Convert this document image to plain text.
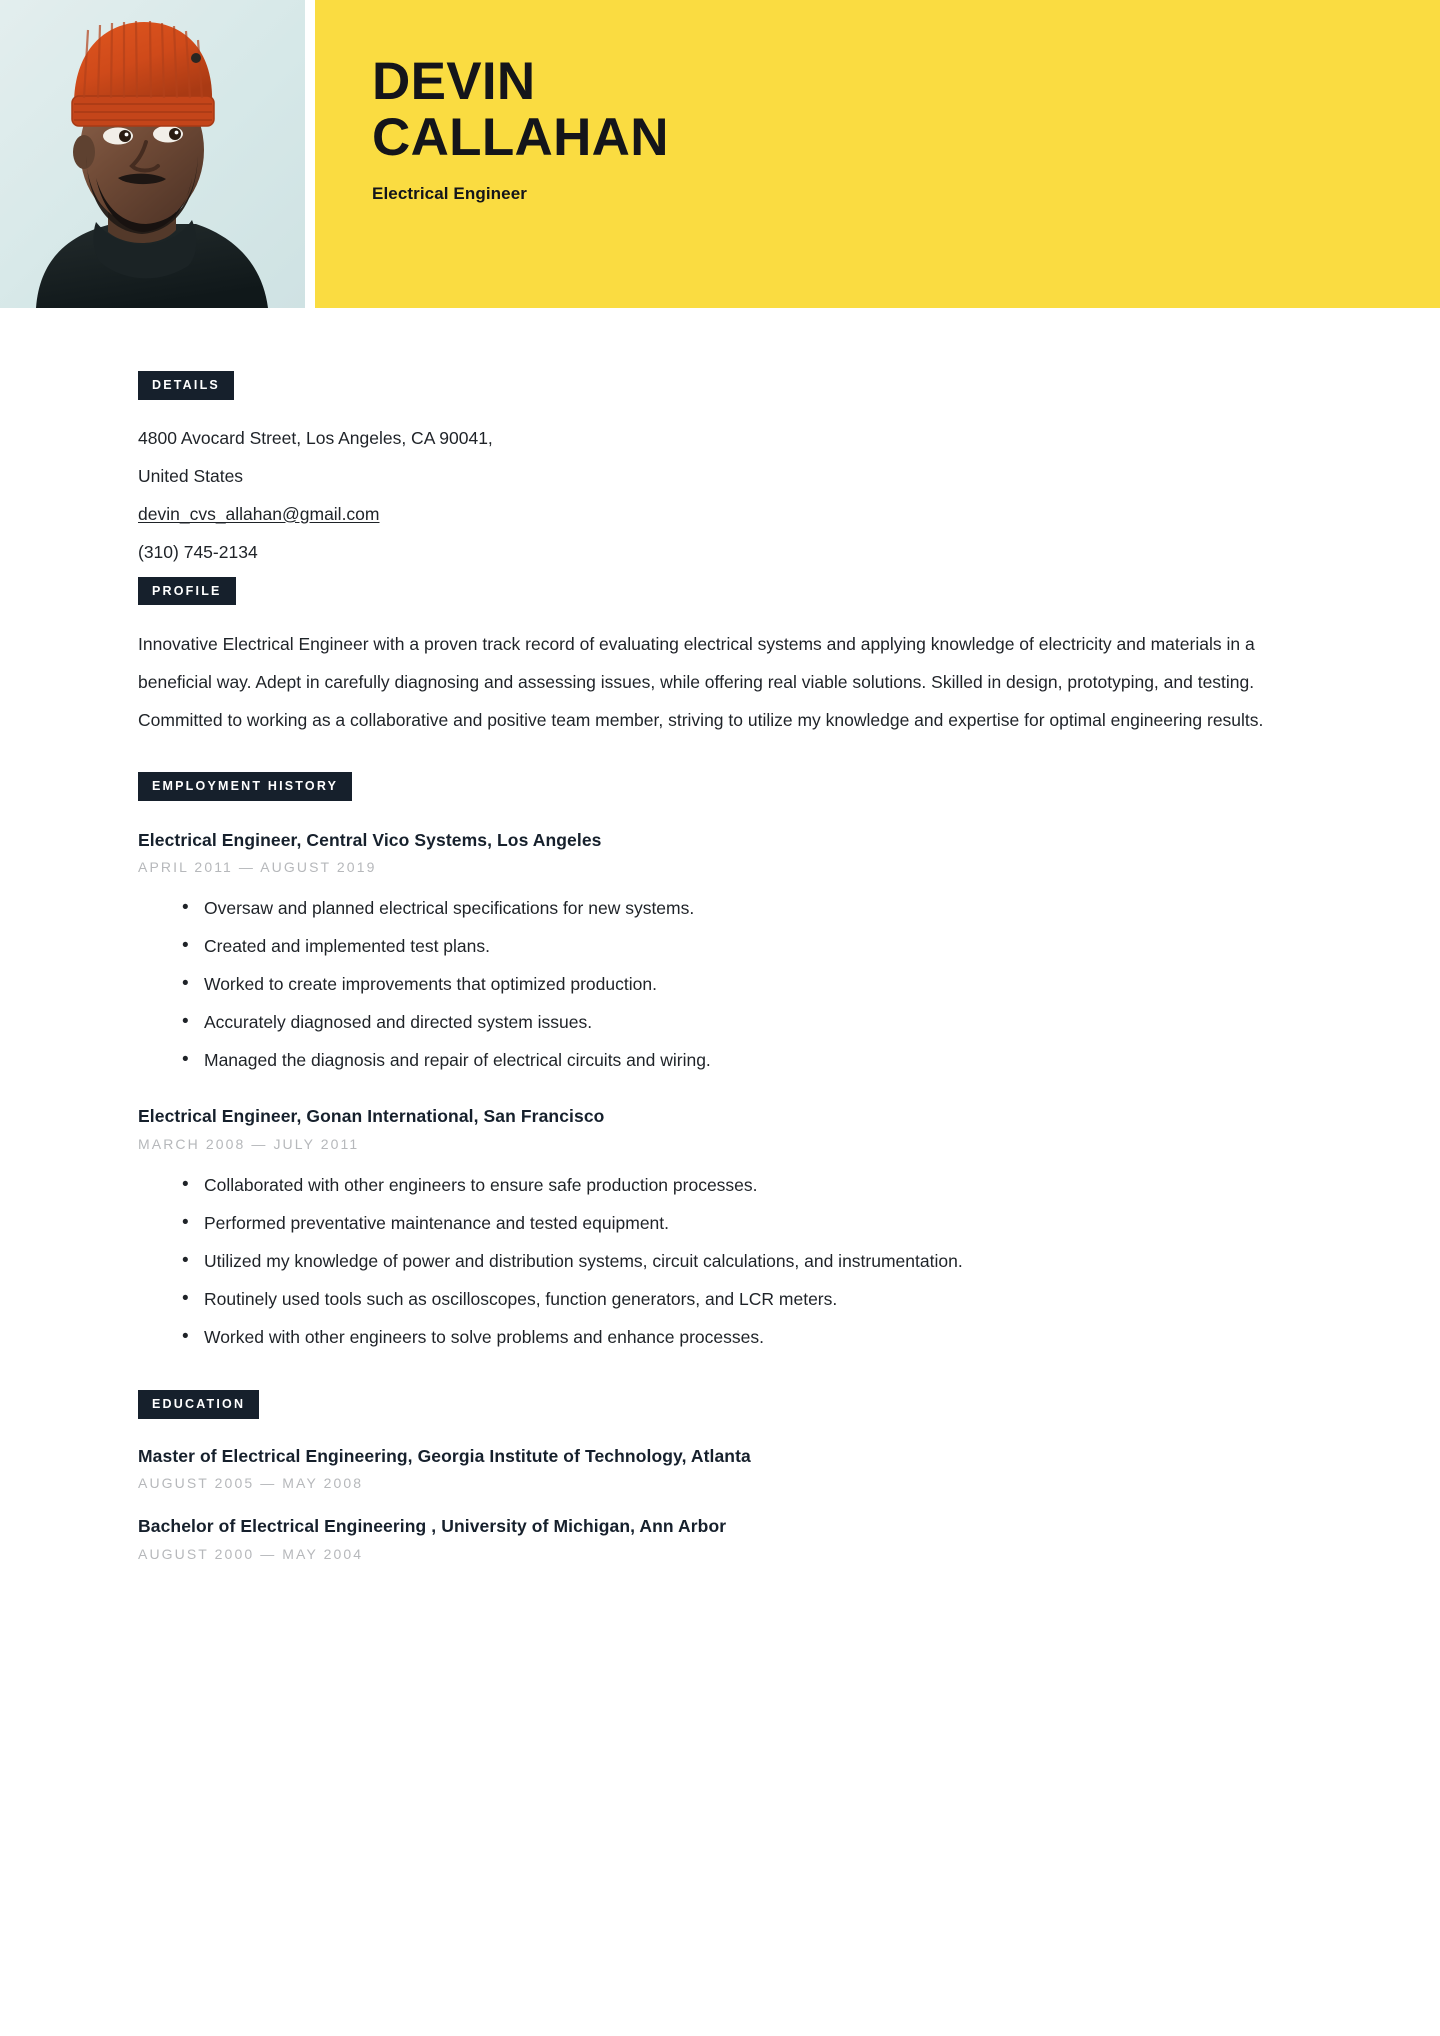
DEVIN
CALLAHAN
Electrical Engineer
DETAILS
4800 Avocard Street, Los Angeles, CA 90041,
United States
devin_cvs_allahan@gmail.com
(310) 745-2134
PROFILE

Innovative Electrical Engineer with a proven track record of evaluating electrical systems and applying knowledge of electricity and materials in a beneficial way. Adept in carefully diagnosing and assessing issues, while offering real viable solutions. Skilled in design, prototyping, and testing. Committed to working as a collaborative and positive team member, striving to utilize my knowledge and expertise for optimal engineering results.

EMPLOYMENT HISTORY
Electrical Engineer, Central Vico Systems, Los Angeles
APRIL 2011 — AUGUST 2019
• Oversaw and planned electrical specifications for new systems.
• Created and implemented test plans.
• Worked to create improvements that optimized production.
• Accurately diagnosed and directed system issues.
• Managed the diagnosis and repair of electrical circuits and wiring.
Electrical Engineer, Gonan International, San Francisco
MARCH 2008 — JULY 2011
• Collaborated with other engineers to ensure safe production processes.
• Performed preventative maintenance and tested equipment.
• Utilized my knowledge of power and distribution systems, circuit calculations, and instrumentation.
• Routinely used tools such as oscilloscopes, function generators, and LCR meters.
• Worked with other engineers to solve problems and enhance processes.
EDUCATION
Master of Electrical Engineering, Georgia Institute of Technology, Atlanta
AUGUST 2005 — MAY 2008
Bachelor of Electrical Engineering , University of Michigan, Ann Arbor
AUGUST 2000 — MAY 2004
